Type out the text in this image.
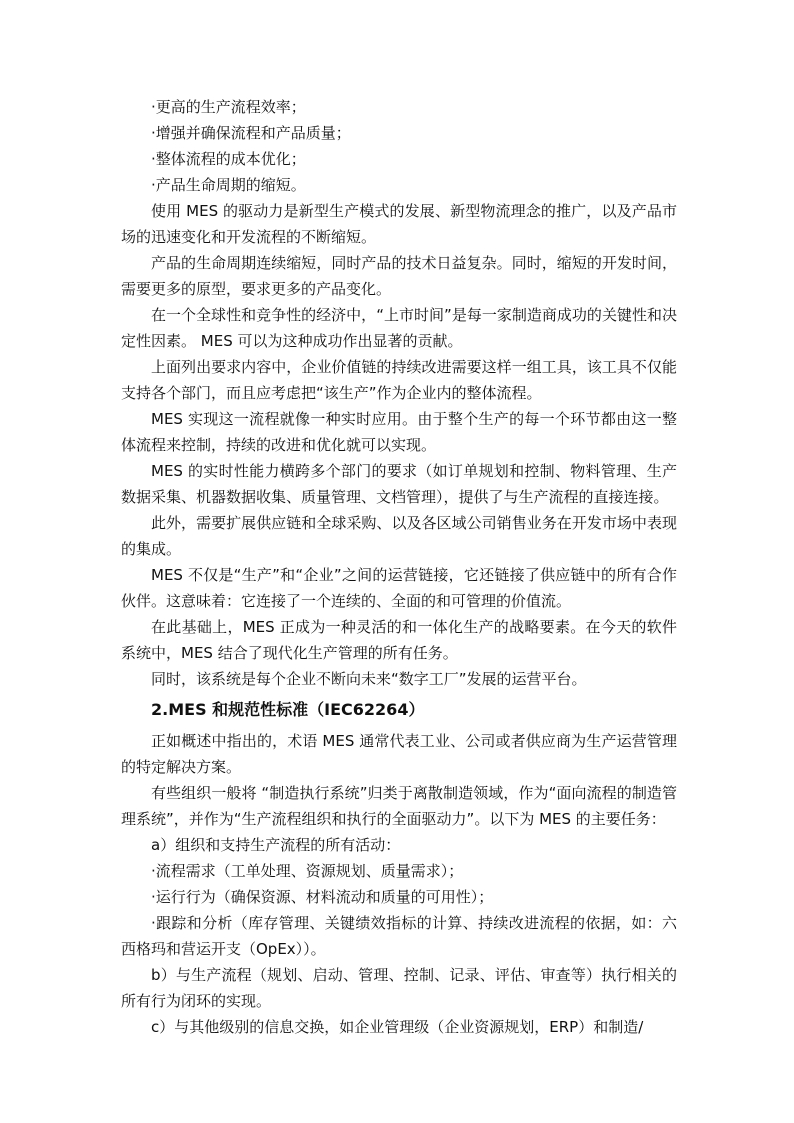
·更高的生产流程效率；

·增强并确保流程和产品质量；

·整体流程的成本优化；

·产品生命周期的缩短。

使用 MES 的驱动力是新型生产模式的发展、新型物流理念的推广，以及产品市场的迅速变化和开发流程的不断缩短。

产品的生命周期连续缩短，同时产品的技术日益复杂。同时，缩短的开发时间，需要更多的原型，要求更多的产品变化。

在一个全球性和竞争性的经济中，“上市时间”是每一家制造商成功的关键性和决定性因素。 MES 可以为这种成功作出显著的贡献。

上面列出要求内容中，企业价值链的持续改进需要这样一组工具，该工具不仅能支持各个部门，而且应考虑把“该生产”作为企业内的整体流程。

MES 实现这一流程就像一种实时应用。由于整个生产的每一个环节都由这一整体流程来控制，持续的改进和优化就可以实现。

MES 的实时性能力横跨多个部门的要求（如订单规划和控制、物料管理、生产数据采集、机器数据收集、质量管理、文档管理），提供了与生产流程的直接连接。

此外，需要扩展供应链和全球采购、以及各区域公司销售业务在开发市场中表现的集成。

MES 不仅是“生产”和“企业”之间的运营链接，它还链接了供应链中的所有合作伙伴。这意味着：它连接了一个连续的、全面的和可管理的价值流。

在此基础上，MES 正成为一种灵活的和一体化生产的战略要素。在今天的软件系统中，MES 结合了现代化生产管理的所有任务。

同时，该系统是每个企业不断向未来“数字工厂”发展的运营平台。

2.MES 和规范性标准（IEC62264）

正如概述中指出的，术语 MES 通常代表工业、公司或者供应商为生产运营管理的特定解决方案。

有些组织一般将 “制造执行系统”归类于离散制造领域，作为“面向流程的制造管理系统”，并作为“生产流程组织和执行的全面驱动力”。以下为 MES 的主要任务：

a）组织和支持生产流程的所有活动：

·流程需求（工单处理、资源规划、质量需求）；

·运行行为（确保资源、材料流动和质量的可用性）；

·跟踪和分析（库存管理、关键绩效指标的计算、持续改进流程的依据，如：六西格玛和营运开支（OpEx））。

b）与生产流程（规划、启动、管理、控制、记录、评估、审查等）执行相关的所有行为闭环的实现。

c）与其他级别的信息交换，如企业管理级（企业资源规划，ERP）和制造/
